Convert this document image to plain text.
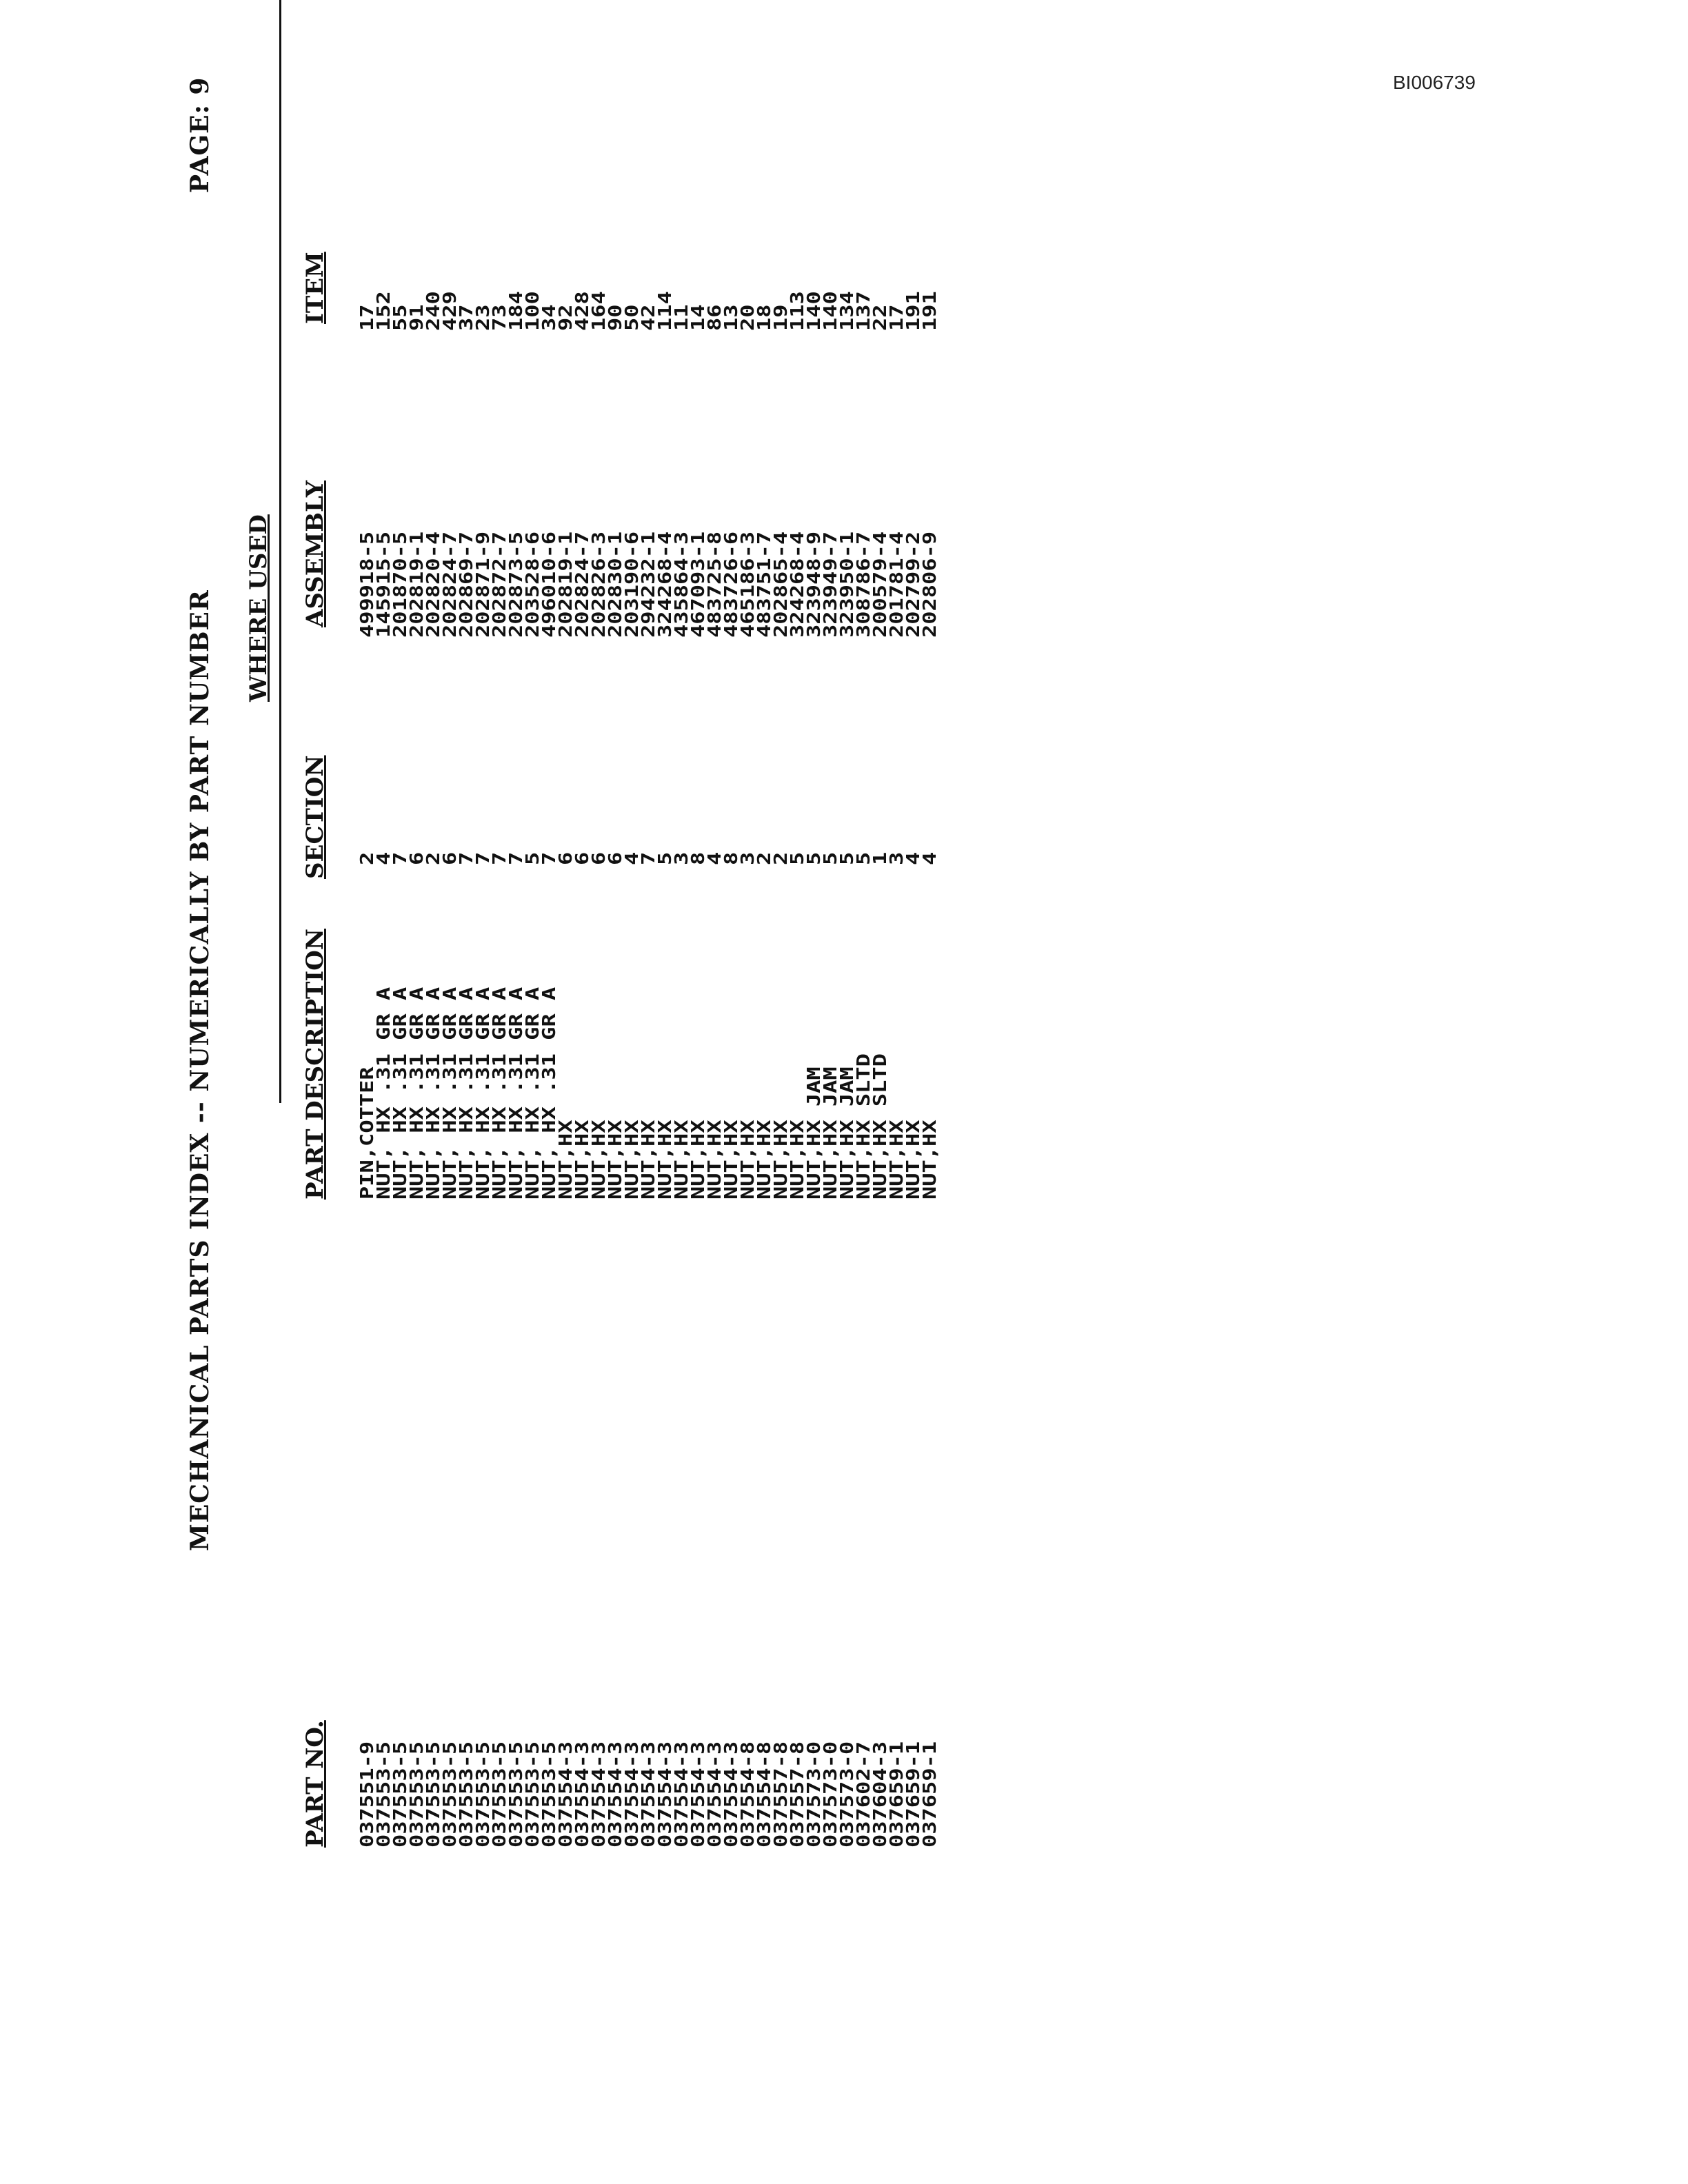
BI006739
MECHANICAL PARTS INDEX -- NUMERICALLY BY PART NUMBER
PAGE: 9
WHERE USED
PART NO.
PART DESCRIPTION
SECTION
ASSEMBLY
ITEM
037551-9
PIN,COTTER
2
499918-5
17
037553-5
NUT, HX .31 GR A
4
145915-5
152
037553-5
NUT, HX .31 GR A
7
201870-5
55
037553-5
NUT, HX .31 GR A
6
202819-1
91
037553-5
NUT, HX .31 GR A
2
202820-4
240
037553-5
NUT, HX .31 GR A
6
202824-7
429
037553-5
NUT, HX .31 GR A
7
202869-7
37
037553-5
NUT, HX .31 GR A
7
202871-9
23
037553-5
NUT, HX .31 GR A
7
202872-7
73
037553-5
NUT, HX .31 GR A
7
202873-5
184
037553-5
NUT, HX .31 GR A
5
203528-6
100
037553-5
NUT, HX .31 GR A
7
496010-6
34
037554-3
NUT,HX
6
202819-1
92
037554-3
NUT,HX
6
202824-7
428
037554-3
NUT,HX
6
202826-3
164
037554-3
NUT,HX
6
202830-1
90
037554-3
NUT,HX
4
203190-6
50
037554-3
NUT,HX
7
294232-1
42
037554-3
NUT,HX
5
324268-4
114
037554-3
NUT,HX
3
435864-3
11
037554-3
NUT,HX
8
467093-1
14
037554-3
NUT,HX
4
483725-8
86
037554-3
NUT,HX
8
483726-6
13
037554-8
NUT,HX
3
465186-3
20
037554-8
NUT,HX
2
483751-7
18
037557-8
NUT,HX
2
202865-4
19
037557-8
NUT,HX
5
324268-4
113
037573-0
NUT,HX JAM
5
323948-9
140
037573-0
NUT,HX JAM
5
323949-7
140
037573-0
NUT,HX JAM
5
323950-1
134
037602-7
NUT,HX SLTD
5
308786-7
137
037604-3
NUT,HX SLTD
1
200579-4
22
037659-1
NUT,HX
3
201781-4
17
037659-1
NUT,HX
4
202799-2
191
037659-1
NUT,HX
4
202806-9
191
